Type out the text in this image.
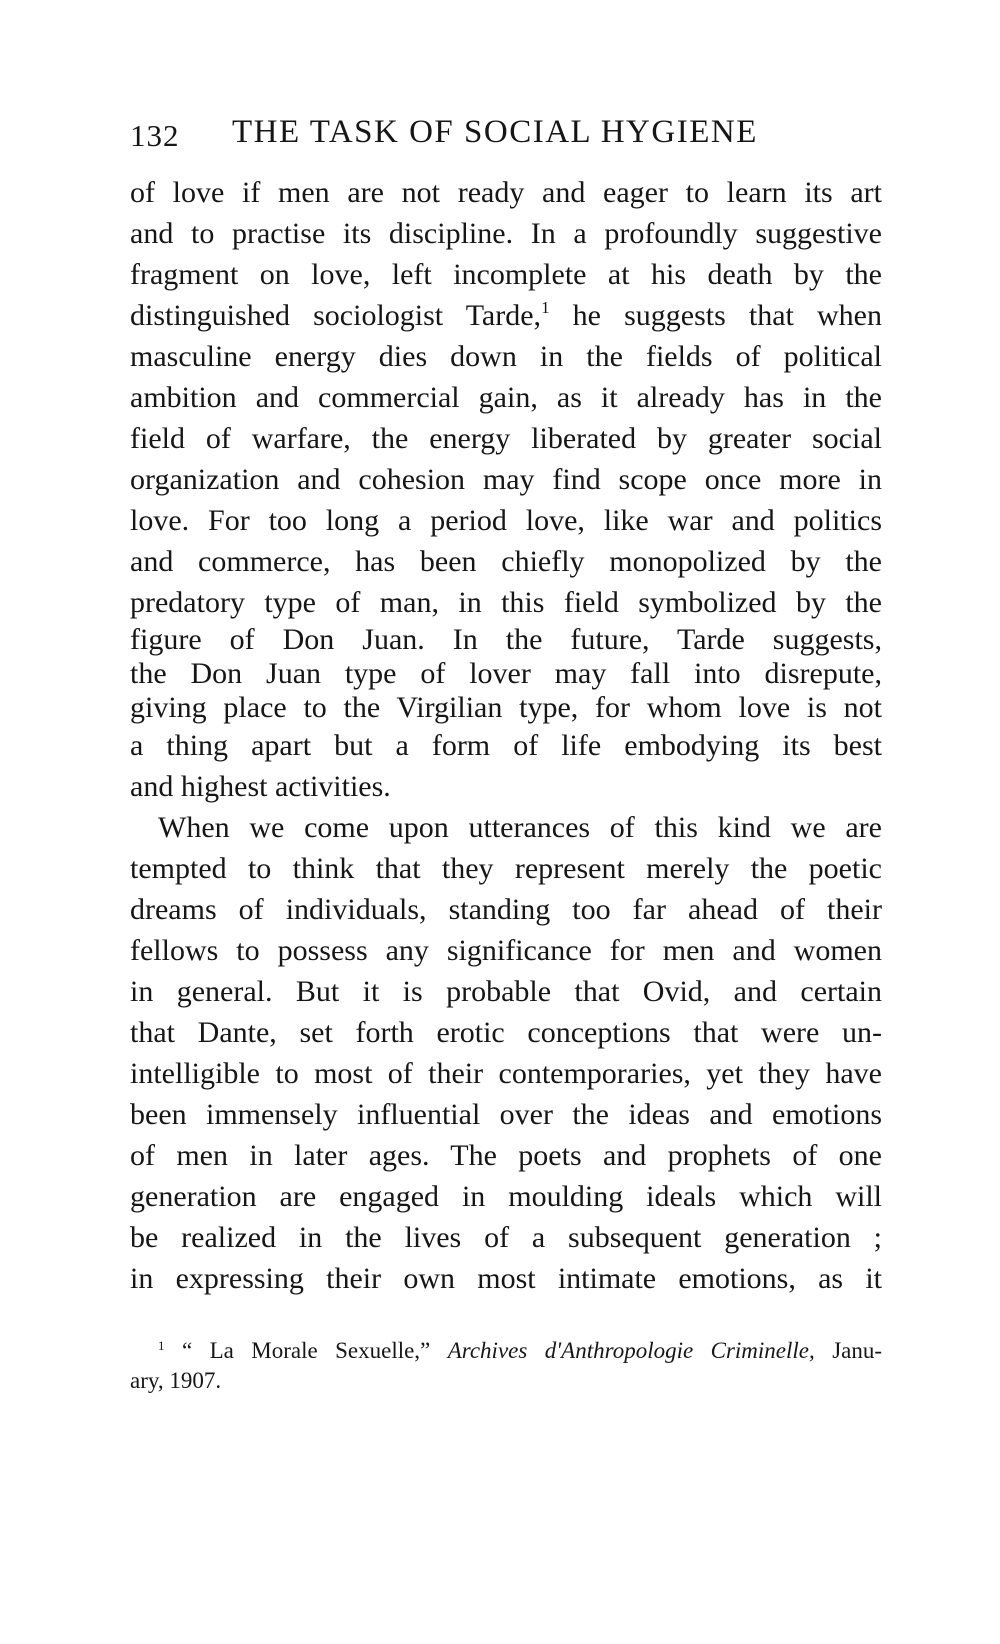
132 THE TASK OF SOCIAL HYGIENE
of love if men are not ready and eager to learn its art
and to practise its discipline. In a profoundly suggestive
fragment on love, left incomplete at his death by the
distinguished sociologist Tarde,$^1$ he suggests that when
masculine energy dies down in the fields of political
ambition and commercial gain, as it already has in the
field of warfare, the energy liberated by greater social
organization and cohesion may find scope once more in
love. For too long a period love, like war and politics
and commerce, has been chiefly monopolized by the
predatory type of man, in this field symbolized by the
figure of Don Juan. In the future, Tarde suggests,
the Don Juan type of lover may fall into disrepute,
giving place to the Virgilian type, for whom love is not
a thing apart but a form of life embodying its best
and highest activities.
When we come upon utterances of this kind we are
tempted to think that they represent merely the poetic
dreams of individuals, standing too far ahead of their
fellows to possess any significance for men and women
in general. But it is probable that Ovid, and certain
that Dante, set forth erotic conceptions that were un-
intelligible to most of their contemporaries, yet they have
been immensely influential over the ideas and emotions
of men in later ages. The poets and prophets of one
generation are engaged in moulding ideals which will
be realized in the lives of a subsequent generation ;
in expressing their own most intimate emotions, as it
$^1$ “ La Morale Sexuelle,” Archives d'Anthropologie Criminelle, Janu-
ary, 1907.
